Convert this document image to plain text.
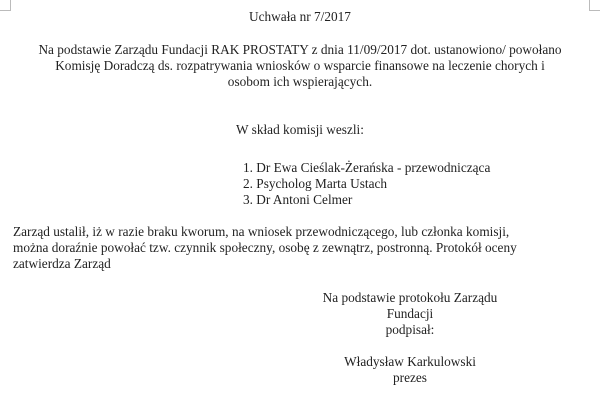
Uchwała nr 7/2017
Na podstawie Zarządu Fundacji RAK PROSTATY z dnia 11/09/2017 dot. ustanowiono/ powołano
Komisję Doradczą ds. rozpatrywania wniosków o wsparcie finansowe na leczenie chorych i
osobom ich wspierających.
W skład komisji weszli:
1. Dr Ewa Cieślak-Żerańska - przewodnicząca
2. Psycholog Marta Ustach
3. Dr Antoni Celmer
Zarząd ustalił, iż w razie braku kworum, na wniosek przewodniczącego, lub członka komisji,
można doraźnie powołać tzw. czynnik społeczny, osobę z zewnątrz, postronną. Protokół oceny
zatwierdza Zarząd
Na podstawie protokołu Zarządu Fundacji
podpisał:
Władysław Karkulowski
prezes
